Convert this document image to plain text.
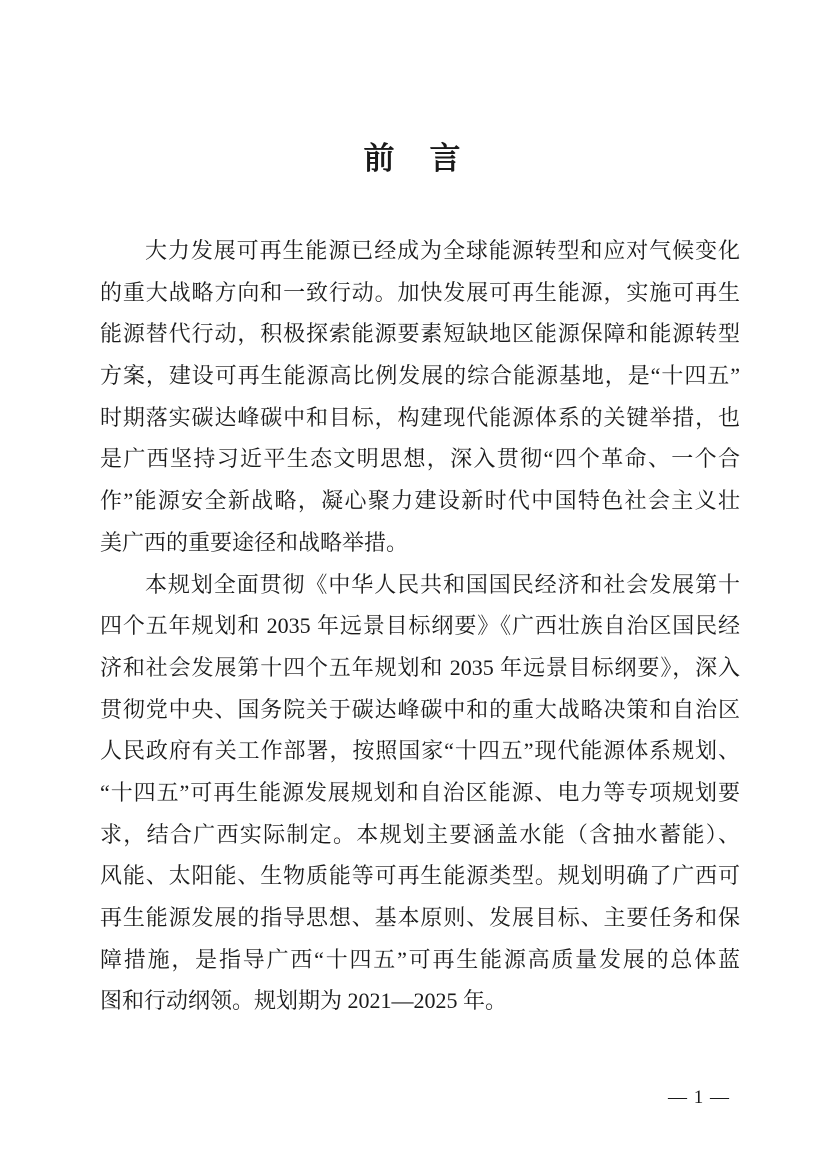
前　言
大力发展可再生能源已经成为全球能源转型和应对气候变化
的重大战略方向和一致行动。加快发展可再生能源，实施可再生
能源替代行动，积极探索能源要素短缺地区能源保障和能源转型
方案，建设可再生能源高比例发展的综合能源基地，是“十四五”
时期落实碳达峰碳中和目标，构建现代能源体系的关键举措，也
是广西坚持习近平生态文明思想，深入贯彻“四个革命、一个合
作”能源安全新战略，凝心聚力建设新时代中国特色社会主义壮
美广西的重要途径和战略举措。
本规划全面贯彻《中华人民共和国国民经济和社会发展第十
四个五年规划和 2035 年远景目标纲要》《广西壮族自治区国民经
济和社会发展第十四个五年规划和 2035 年远景目标纲要》，深入
贯彻党中央、国务院关于碳达峰碳中和的重大战略决策和自治区
人民政府有关工作部署，按照国家“十四五”现代能源体系规划、
“十四五”可再生能源发展规划和自治区能源、电力等专项规划要
求，结合广西实际制定。本规划主要涵盖水能（含抽水蓄能）、
风能、太阳能、生物质能等可再生能源类型。规划明确了广西可
再生能源发展的指导思想、基本原则、发展目标、主要任务和保
障措施，是指导广西“十四五”可再生能源高质量发展的总体蓝
图和行动纲领。规划期为 2021—2025 年。
— 1 —
